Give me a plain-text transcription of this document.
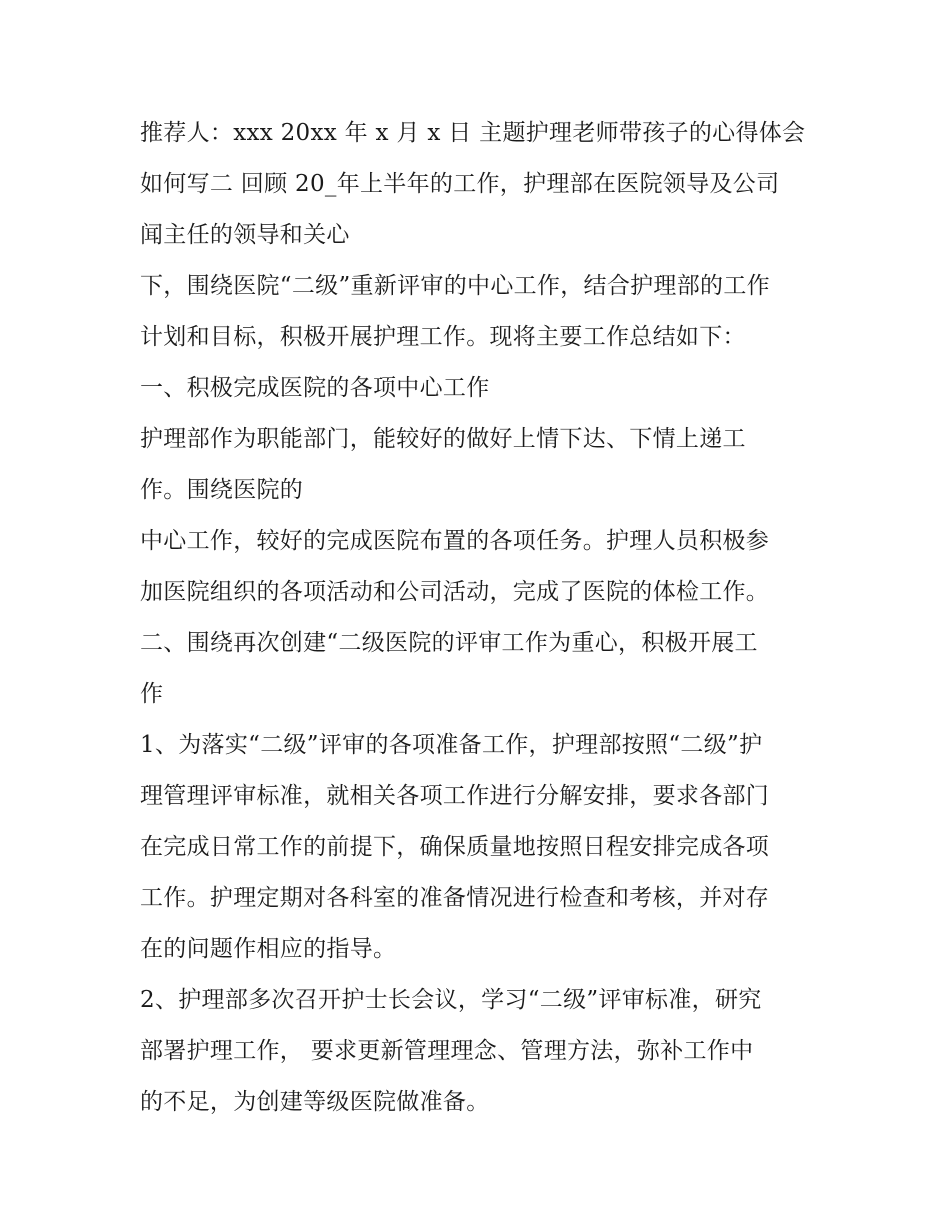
推荐人：xxx 20xx 年 x 月 x 日 主题护理老师带孩子的心得体会
如何写二 回顾 20_年上半年的工作，护理部在医院领导及公司
闻主任的领导和关心
下，围绕医院“二级”重新评审的中心工作，结合护理部的工作
计划和目标，积极开展护理工作。现将主要工作总结如下：
一、积极完成医院的各项中心工作
护理部作为职能部门，能较好的做好上情下达、下情上递工
作。围绕医院的
中心工作，较好的完成医院布置的各项任务。护理人员积极参
加医院组织的各项活动和公司活动，完成了医院的体检工作。
二、围绕再次创建“二级医院的评审工作为重心，积极开展工
作
1、为落实“二级”评审的各项准备工作，护理部按照“二级”护
理管理评审标准，就相关各项工作进行分解安排，要求各部门
在完成日常工作的前提下，确保质量地按照日程安排完成各项
工作。护理定期对各科室的准备情况进行检查和考核，并对存
在的问题作相应的指导。
2、护理部多次召开护士长会议，学习“二级”评审标准，研究
部署护理工作， 要求更新管理理念、管理方法，弥补工作中
的不足，为创建等级医院做准备。
